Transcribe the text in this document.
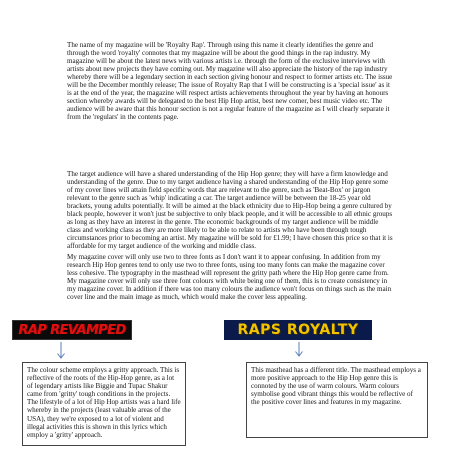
The name of my magazine will be 'Royalty Rap'. Through using this name it clearly identifies the genre and through the word 'royalty' connotes that my magazine will be about the good things in the rap industry. My magazine will be about the latest news with various artists i.e. through the form of the exclusive interviews with artists about new projects they have coming out. My magazine will also appreciate the history of the rap industry whereby there will be a legendary section in each section giving honour and respect to former artists etc. The issue will be the December monthly release; The issue of Royalty Rap that I will be constructing is a 'special issue' as it is at the end of the year, the magazine will respect artists achievements throughout the year by having an honours section whereby awards will be delegated to the best Hip Hop artist, best new comer, best music video etc. The audience will be aware that this honour section is not a regular feature of the magazine as I will clearly separate it from the 'regulars' in the contents page.

The target audience will have a shared understanding of the Hip Hop genre; they will have a firm knowledge and understanding of the genre. Due to my target audience having a shared understanding of the Hip Hop genre some of my cover lines will attain field specific words that are relevant to the genre, such as 'Beat-Box' or jargon relevant to the genre such as 'whip' indicating a car. The target audience will be between the 18-25 year old brackets, young adults potentially. It will be aimed at the black ethnicity due to Hip-Hop being a genre cultured by black people, however it won't just be subjective to only black people, and it will be accessible to all ethnic groups as long as they have an interest in the genre. The economic backgrounds of my target audience will be middle class and working class as they are more likely to be able to relate to artists who have been through tough circumstances prior to becoming an artist. My magazine will be sold for £1.99; I have chosen this price so that it is affordable for my target audience of the working and middle class.

My magazine cover will only use two to three fonts as I don't want it to appear confusing. In addition from my research Hip Hop genres tend to only use two to three fonts, using too many fonts can make the magazine cover less cohesive. The typography in the masthead will represent the gritty path where the Hip Hop genre came from. My magazine cover will only use three font colours with white being one of them, this is to create consistency in my magazine cover. In addition if there was too many colours the audience won't focus on things such as the main cover line and the main image as much, which would make the cover less appealing.

RAP REVAMPED	RAPS ROYALTY

The colour scheme employs a gritty approach. This is reflective of the roots of the Hip-Hop genre, as a lot of legendary artists like Biggie and Tupac Shakur came from 'gritty' tough conditions in the projects. The lifestyle of a lot of Hip Hop artists was a hard life whereby in the projects (least valuable areas of the USA), they we're exposed to a lot of violent and illegal activities this is shown in this lyrics which employ a 'gritty' approach.

This masthead has a different title. The masthead employs a more positive approach to the Hip Hop genre this is connoted by the use of warm colours. Warm colours symbolise good vibrant things this would be reflective of the positive cover lines and features in my magazine.
